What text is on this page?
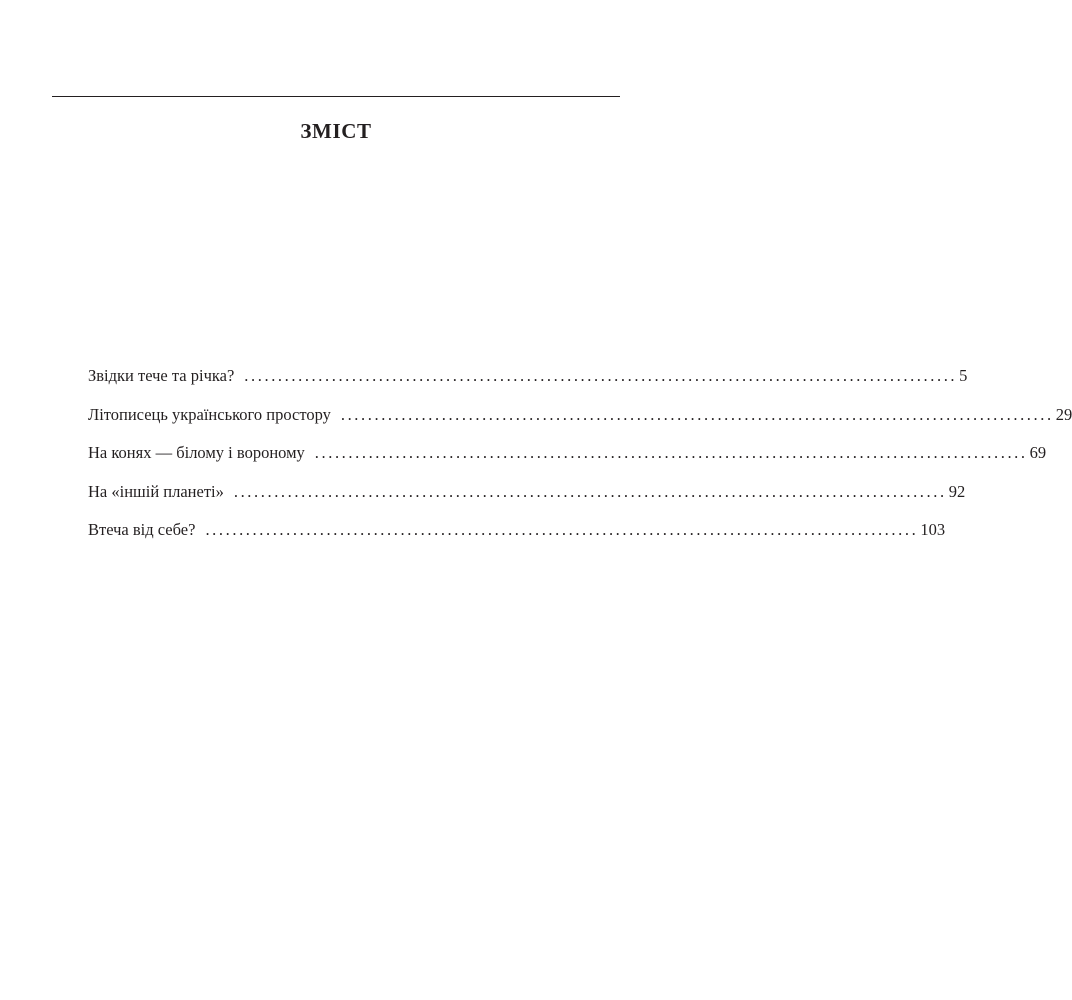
ЗМІСТ
Звідки тече та річка? .......................................................................................................... 5
Літописець українського простору .......................................................................................................... 29
На конях — білому і вороному .......................................................................................................... 69
На «іншій планеті» .......................................................................................................... 92
Втеча від себе? .......................................................................................................... 103
